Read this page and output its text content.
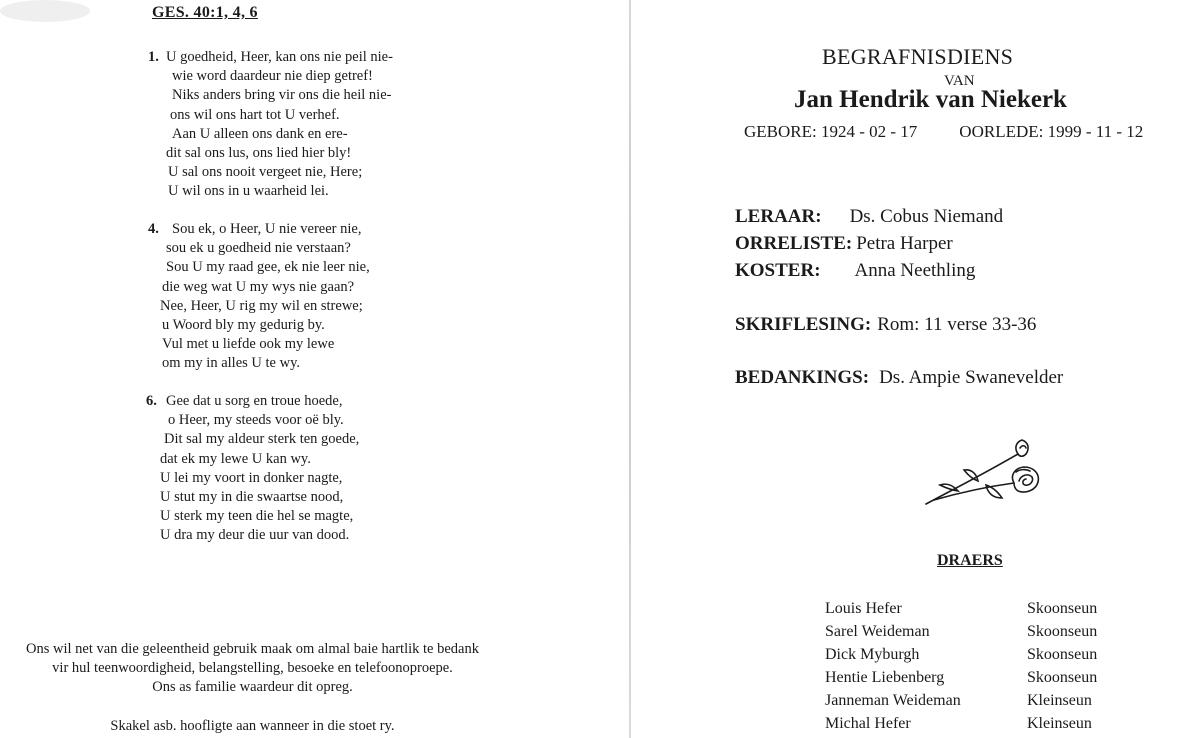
GES. 40:1, 4, 6
1. U goedheid, Heer, kan ons nie peil nie-
wie word daardeur nie diep getref!
Niks anders bring vir ons die heil nie-
ons wil ons hart tot U verhef.
Aan U alleen ons dank en ere-
dit sal ons lus, ons lied hier bly!
U sal ons nooit vergeet nie, Here;
U wil ons in u waarheid lei.
4. Sou ek, o Heer, U nie vereer nie,
sou ek u goedheid nie verstaan?
Sou U my raad gee, ek nie leer nie,
die weg wat U my wys nie gaan?
Nee, Heer, U rig my wil en strewe;
u Woord bly my gedurig by.
Vul met u liefde ook my lewe
om my in alles U te wy.
6. Gee dat u sorg en troue hoede,
o Heer, my steeds voor oë bly.
Dit sal my aldeur sterk ten goede,
dat ek my lewe U kan wy.
U lei my voort in donker nagte,
U stut my in die swaartse nood,
U sterk my teen die hel se magte,
U dra my deur die uur van dood.
Ons wil net van die geleentheid gebruik maak om almal baie hartlik te bedank
vir hul teenwoordigheid, belangstelling, besoeke en telefoonoproepe.
Ons as familie waardeur dit opreg.
Skakel asb. hoofligte aan wanneer in die stoet ry.
BEGRAFNISDIENS
VAN
Jan Hendrik van Niekerk
GEBORE: 1924 - 02 - 17 OORLEDE: 1999 - 11 - 12
LERAAR: Ds. Cobus Niemand
ORRELISTE: Petra Harper
KOSTER: Anna Neethling
SKRIFLESING: Rom: 11 verse 33-36
BEDANKINGS: Ds. Ampie Swanevelder
DRAERS
Louis Hefer	Skoonseun
Sarel Weideman	Skoonseun
Dick Myburgh	Skoonseun
Hentie Liebenberg	Skoonseun
Janneman Weideman	Kleinseun
Michal Hefer	Kleinseun
